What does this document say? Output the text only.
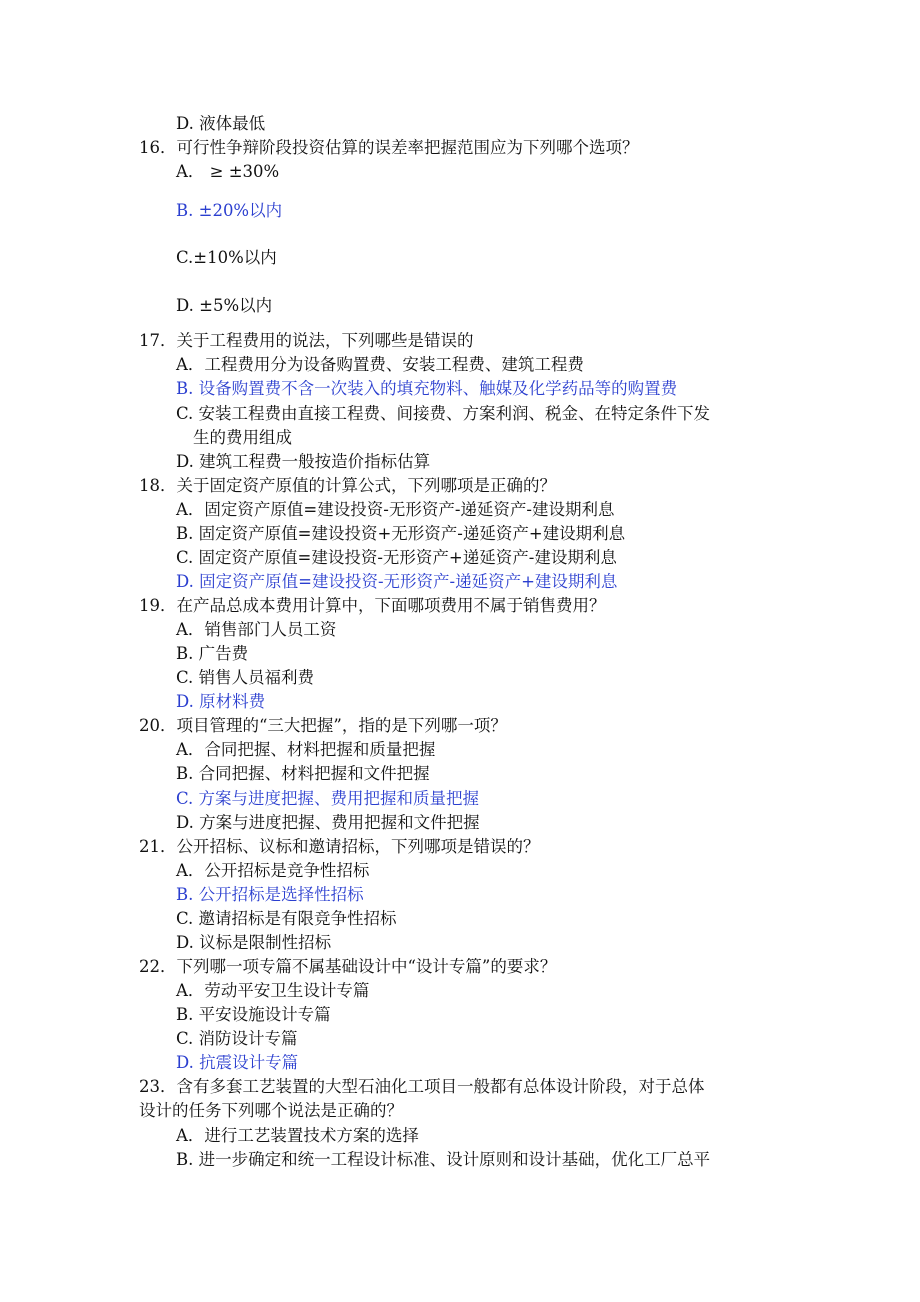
D. 液体最低
16．可行性争辩阶段投资估算的误差率把握范围应为下列哪个选项？
A． ≥ ±30%
B. ±20%以内
C.±10%以内
D. ±5%以内
17．关于工程费用的说法，下列哪些是错误的
A．工程费用分为设备购置费、安装工程费、建筑工程费
B. 设备购置费不含一次装入的填充物料、触媒及化学药品等的购置费
C. 安装工程费由直接工程费、间接费、方案利润、税金、在特定条件下发
生的费用组成
D. 建筑工程费一般按造价指标估算
18．关于固定资产原值的计算公式，下列哪项是正确的？
A．固定资产原值=建设投资-无形资产-递延资产-建设期利息
B. 固定资产原值=建设投资+无形资产-递延资产+建设期利息
C. 固定资产原值=建设投资-无形资产+递延资产-建设期利息
D. 固定资产原值=建设投资-无形资产-递延资产+建设期利息
19．在产品总成本费用计算中，下面哪项费用不属于销售费用？
A．销售部门人员工资
B. 广告费
C. 销售人员福利费
D. 原材料费
20．项目管理的“三大把握”，指的是下列哪一项？
A．合同把握、材料把握和质量把握
B. 合同把握、材料把握和文件把握
C. 方案与进度把握、费用把握和质量把握
D. 方案与进度把握、费用把握和文件把握
21．公开招标、议标和邀请招标，下列哪项是错误的？
A．公开招标是竞争性招标
B. 公开招标是选择性招标
C. 邀请招标是有限竞争性招标
D. 议标是限制性招标
22．下列哪一项专篇不属基础设计中“设计专篇”的要求？
A．劳动平安卫生设计专篇
B. 平安设施设计专篇
C. 消防设计专篇
D. 抗震设计专篇
23．含有多套工艺装置的大型石油化工项目一般都有总体设计阶段，对于总体
设计的任务下列哪个说法是正确的？
A．进行工艺装置技术方案的选择
B. 进一步确定和统一工程设计标准、设计原则和设计基础，优化工厂总平
